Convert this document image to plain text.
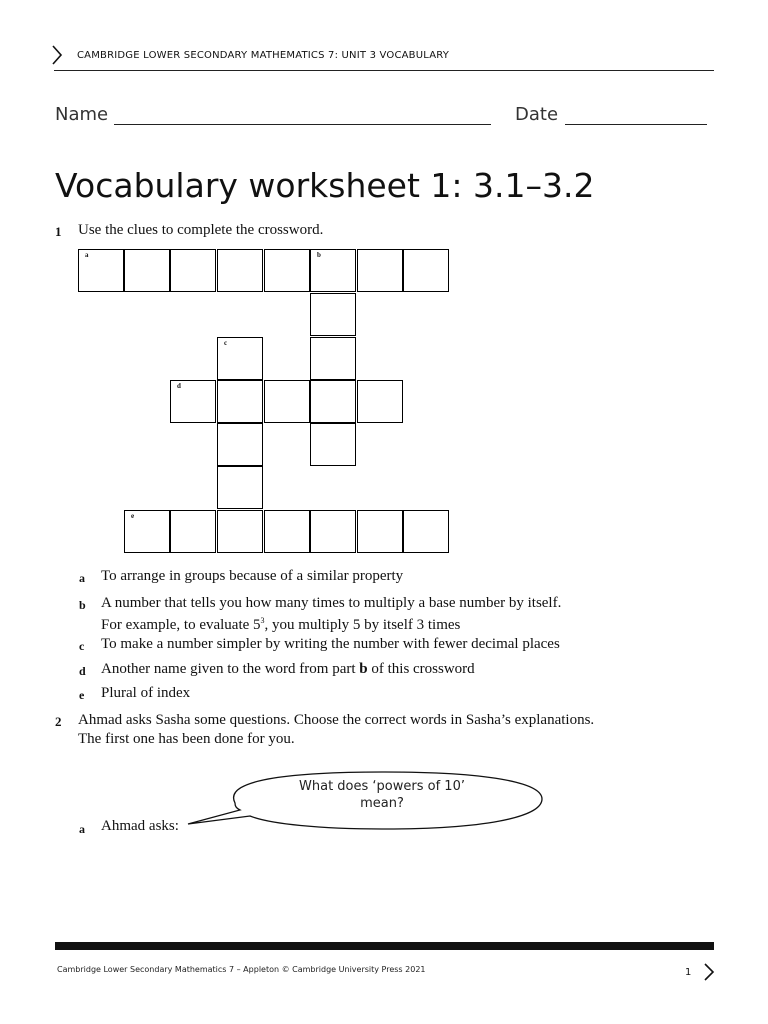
CAMBRIDGE LOWER SECONDARY MATHEMATICS 7: UNIT 3 VOCABULARY
Name	Date
Vocabulary worksheet 1: 3.1–3.2
1 Use the clues to complete the crossword.
a	b
c
d
e
a To arrange in groups because of a similar property
b A number that tells you how many times to multiply a base number by itself.
For example, to evaluate $5^3$, you multiply 5 by itself 3 times
c To make a number simpler by writing the number with fewer decimal places
d Another name given to the word from part b of this crossword
e Plural of index
2 Ahmad asks Sasha some questions. Choose the correct words in Sasha’s explanations.
The first one has been done for you.
What does ‘powers of 10’
mean?
a Ahmad asks:
Cambridge Lower Secondary Mathematics 7 – Appleton © Cambridge University Press 2021	1
